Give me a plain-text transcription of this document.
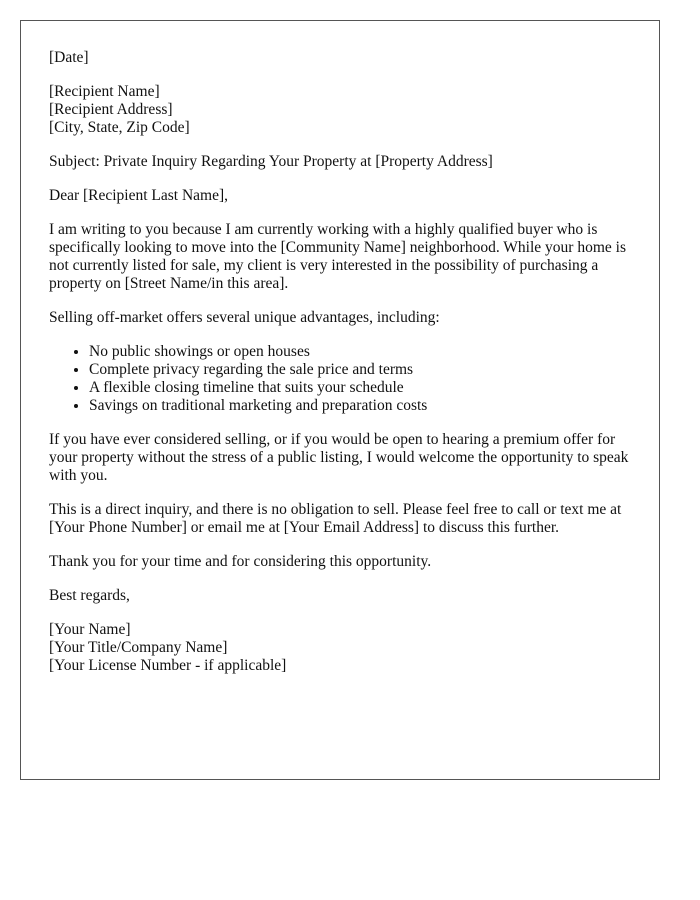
[Date]

[Recipient Name]
[Recipient Address]
[City, State, Zip Code]

Subject: Private Inquiry Regarding Your Property at [Property Address]

Dear [Recipient Last Name],

I am writing to you because I am currently working with a highly qualified buyer who is specifically looking to move into the [Community Name] neighborhood. While your home is not currently listed for sale, my client is very interested in the possibility of purchasing a property on [Street Name/in this area].

Selling off-market offers several unique advantages, including:

• No public showings or open houses
• Complete privacy regarding the sale price and terms
• A flexible closing timeline that suits your schedule
• Savings on traditional marketing and preparation costs

If you have ever considered selling, or if you would be open to hearing a premium offer for your property without the stress of a public listing, I would welcome the opportunity to speak with you.

This is a direct inquiry, and there is no obligation to sell. Please feel free to call or text me at [Your Phone Number] or email me at [Your Email Address] to discuss this further.

Thank you for your time and for considering this opportunity.

Best regards,

[Your Name]
[Your Title/Company Name]
[Your License Number - if applicable]
